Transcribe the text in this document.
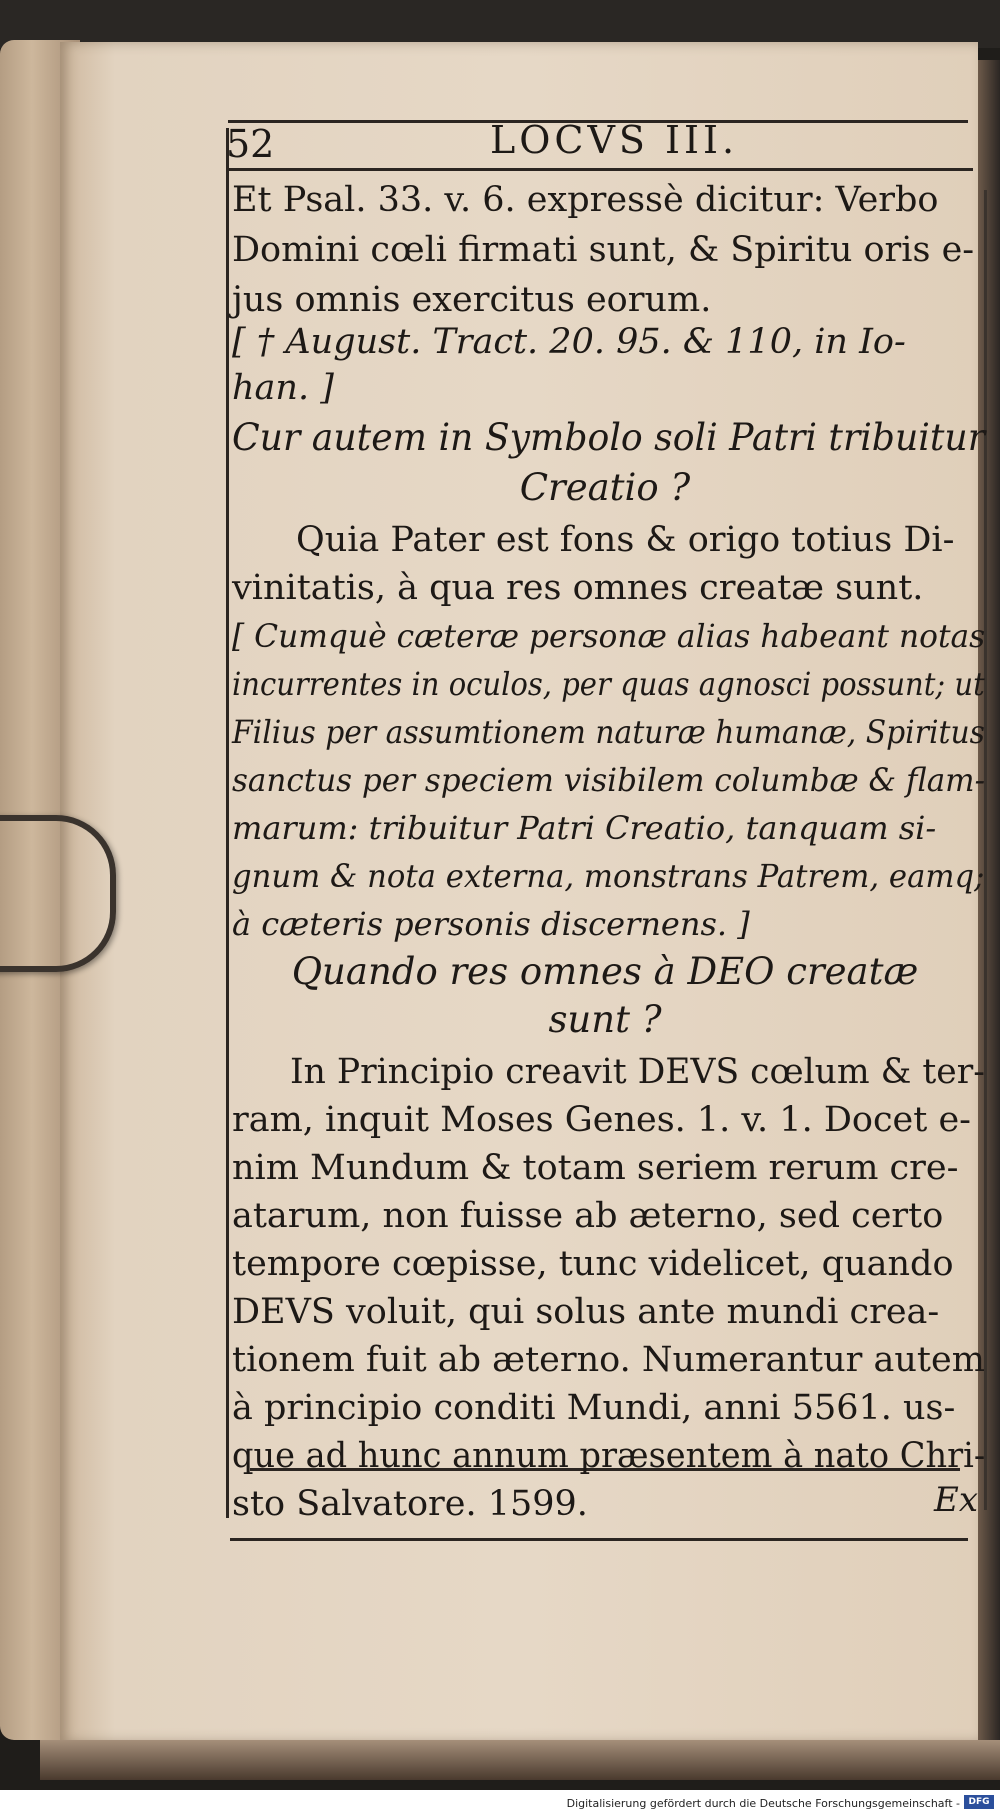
52	LOCVS III.
Et Psal. 33. v. 6. expressè dicitur: Verbo
Domini cœli firmati sunt, & Spiritu oris e-
jus omnis exercitus eorum.
[ † August. Tract. 20. 95. & 110, in Io-
han. ]
Cur autem in Symbolo soli Patri tribuitur
Creatio ?
Quia Pater est fons & origo totius Di-
vinitatis, à qua res omnes creatæ sunt.
[ Cumquè cæteræ personæ alias habeant notas
incurrentes in oculos, per quas agnosci possunt; ut
Filius per assumtionem naturæ humanæ, Spiritus
sanctus per speciem visibilem columbæ & flam-
marum: tribuitur Patri Creatio, tanquam si-
gnum & nota externa, monstrans Patrem, eamq;
à cæteris personis discernens. ]
Quando res omnes à DEO creatæ
sunt ?
In Principio creavit DEVS cœlum & ter-
ram, inquit Moses Genes. 1. v. 1. Docet e-
nim Mundum & totam seriem rerum cre-
atarum, non fuisse ab æterno, sed certo
tempore cœpisse, tunc videlicet, quando
DEVS voluit, qui solus ante mundi crea-
tionem fuit ab æterno. Numerantur autem
à principio conditi Mundi, anni 5561. us-
que ad hunc annum præsentem à nato Chri-
sto Salvatore. 1599.	Ex
Digitalisierung gefördert durch die Deutsche Forschungsgemeinschaft - DFG
